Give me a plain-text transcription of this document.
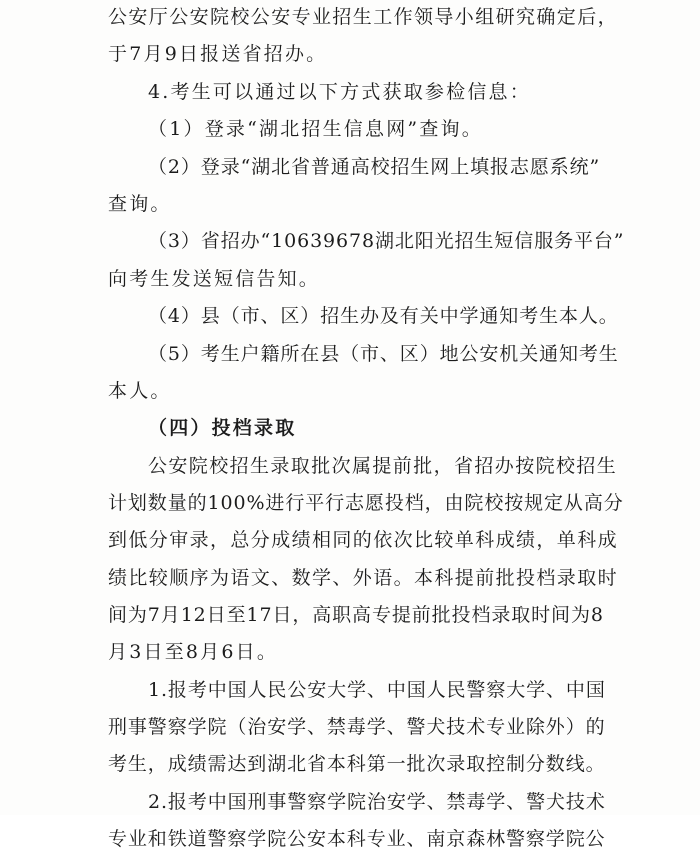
公安厅公安院校公安专业招生工作领导小组研究确定后，
于7月9日报送省招办。
4.考生可以通过以下方式获取参检信息：
（1）登录“湖北招生信息网”查询。
（2）登录“湖北省普通高校招生网上填报志愿系统”
查询。
（3）省招办“10639678湖北阳光招生短信服务平台”
向考生发送短信告知。
（4）县（市、区）招生办及有关中学通知考生本人。
（5）考生户籍所在县（市、区）地公安机关通知考生
本人。
（四）投档录取
公安院校招生录取批次属提前批，省招办按院校招生
计划数量的100%进行平行志愿投档，由院校按规定从高分
到低分审录，总分成绩相同的依次比较单科成绩，单科成
绩比较顺序为语文、数学、外语。本科提前批投档录取时
间为7月12日至17日，高职高专提前批投档录取时间为8
月3日至8月6日。
1.报考中国人民公安大学、中国人民警察大学、中国
刑事警察学院（治安学、禁毒学、警犬技术专业除外）的
考生，成绩需达到湖北省本科第一批次录取控制分数线。
2.报考中国刑事警察学院治安学、禁毒学、警犬技术
专业和铁道警察学院公安本科专业、南京森林警察学院公
